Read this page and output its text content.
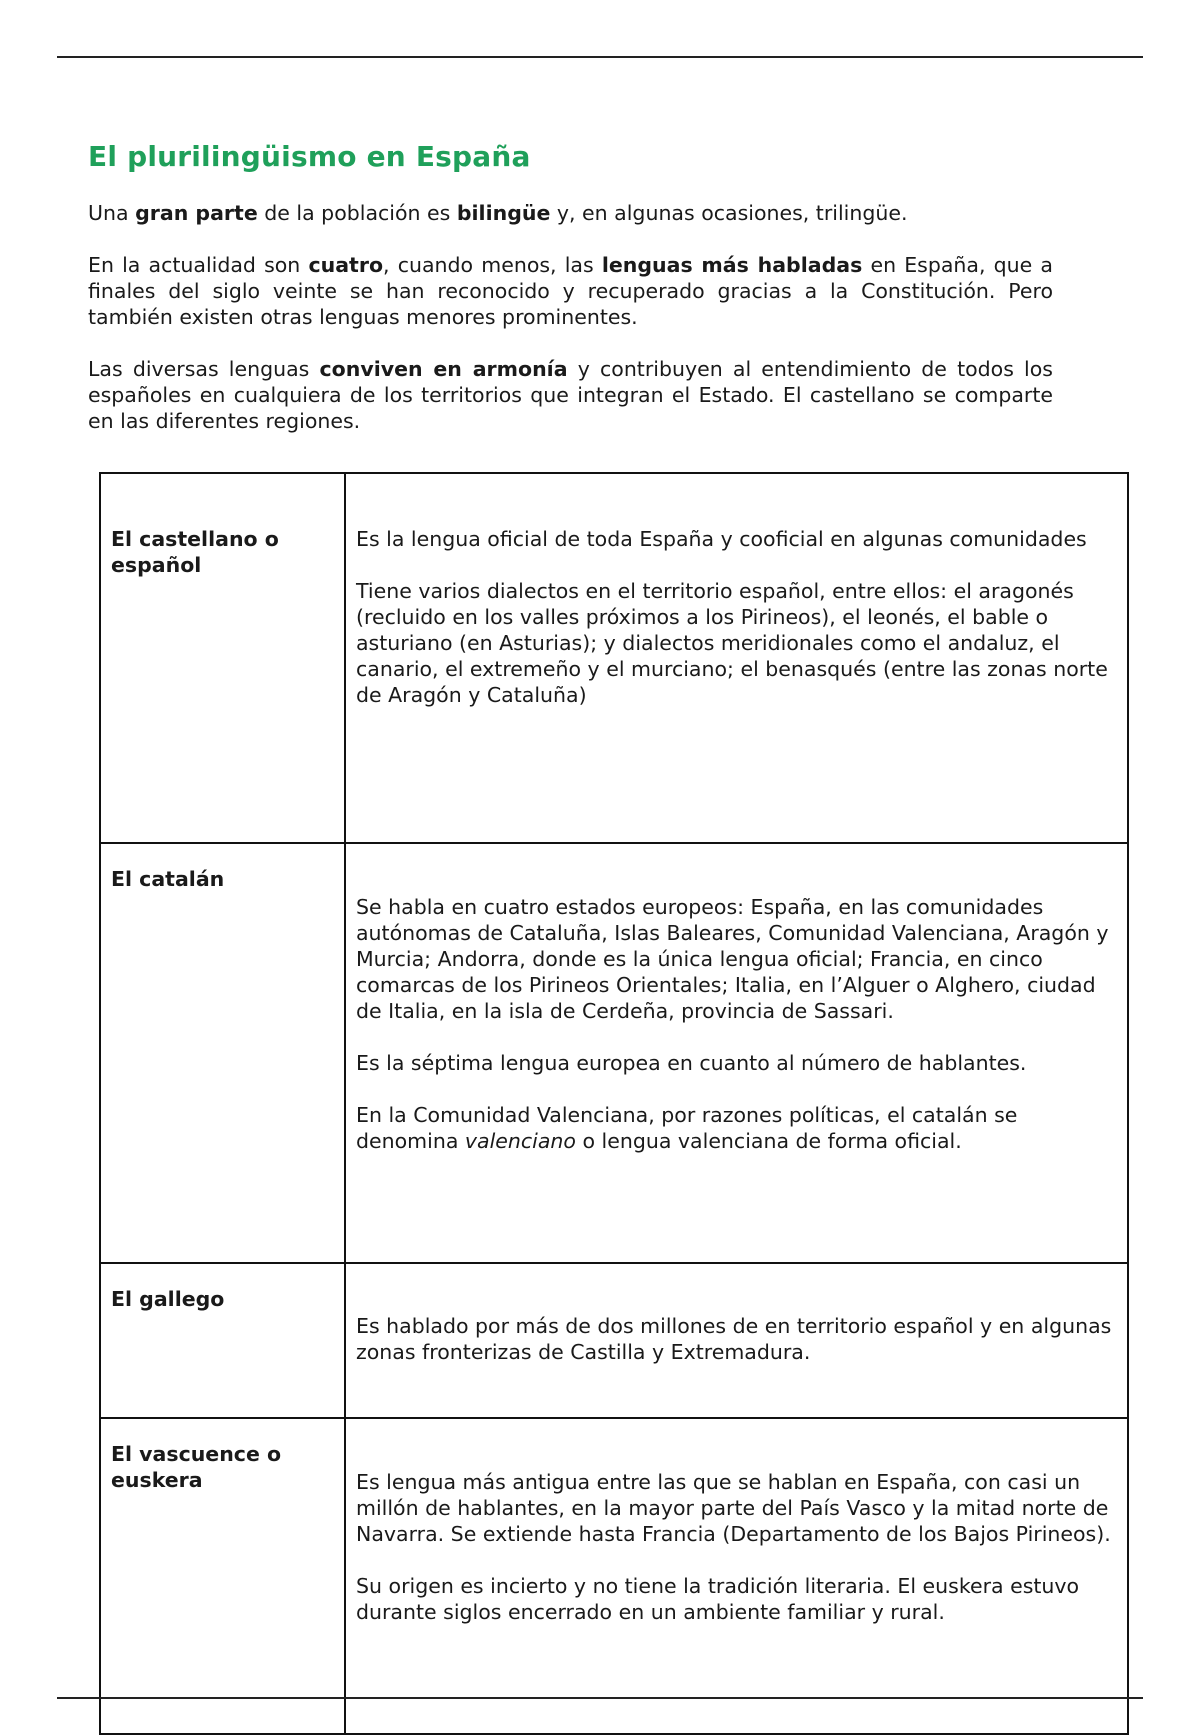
El plurilingüismo en España

Una gran parte de la población es bilingüe y, en algunas ocasiones, trilingüe.

En la actualidad son cuatro, cuando menos, las lenguas más habladas en España, que a finales del siglo veinte se han reconocido y recuperado gracias a la Constitución. Pero también existen otras lenguas menores prominentes.

Las diversas lenguas conviven en armonía y contribuyen al entendimiento de todos los españoles en cualquiera de los territorios que integran el Estado. El castellano se comparte en las diferentes regiones.

El castellano o español	Es la lengua oficial de toda España y cooficial en algunas comunidades

Tiene varios dialectos en el territorio español, entre ellos: el aragonés (recluido en los valles próximos a los Pirineos), el leonés, el bable o asturiano (en Asturias); y dialectos meridionales como el andaluz, el canario, el extremeño y el murciano; el benasqués (entre las zonas norte de Aragón y Cataluña)

El catalán	Se habla en cuatro estados europeos: España, en las comunidades autónomas de Cataluña, Islas Baleares, Comunidad Valenciana, Aragón y Murcia; Andorra, donde es la única lengua oficial; Francia, en cinco comarcas de los Pirineos Orientales; Italia, en l’Alguer o Alghero, ciudad de Italia, en la isla de Cerdeña, provincia de Sassari.

Es la séptima lengua europea en cuanto al número de hablantes.

En la Comunidad Valenciana, por razones políticas, el catalán se denomina valenciano o lengua valenciana de forma oficial.

El gallego	Es hablado por más de dos millones de en territorio español y en algunas zonas fronterizas de Castilla y Extremadura.

El vascuence o euskera	Es lengua más antigua entre las que se hablan en España, con casi un millón de hablantes, en la mayor parte del País Vasco y la mitad norte de Navarra. Se extiende hasta Francia (Departamento de los Bajos Pirineos).

Su origen es incierto y no tiene la tradición literaria. El euskera estuvo durante siglos encerrado en un ambiente familiar y rural.
